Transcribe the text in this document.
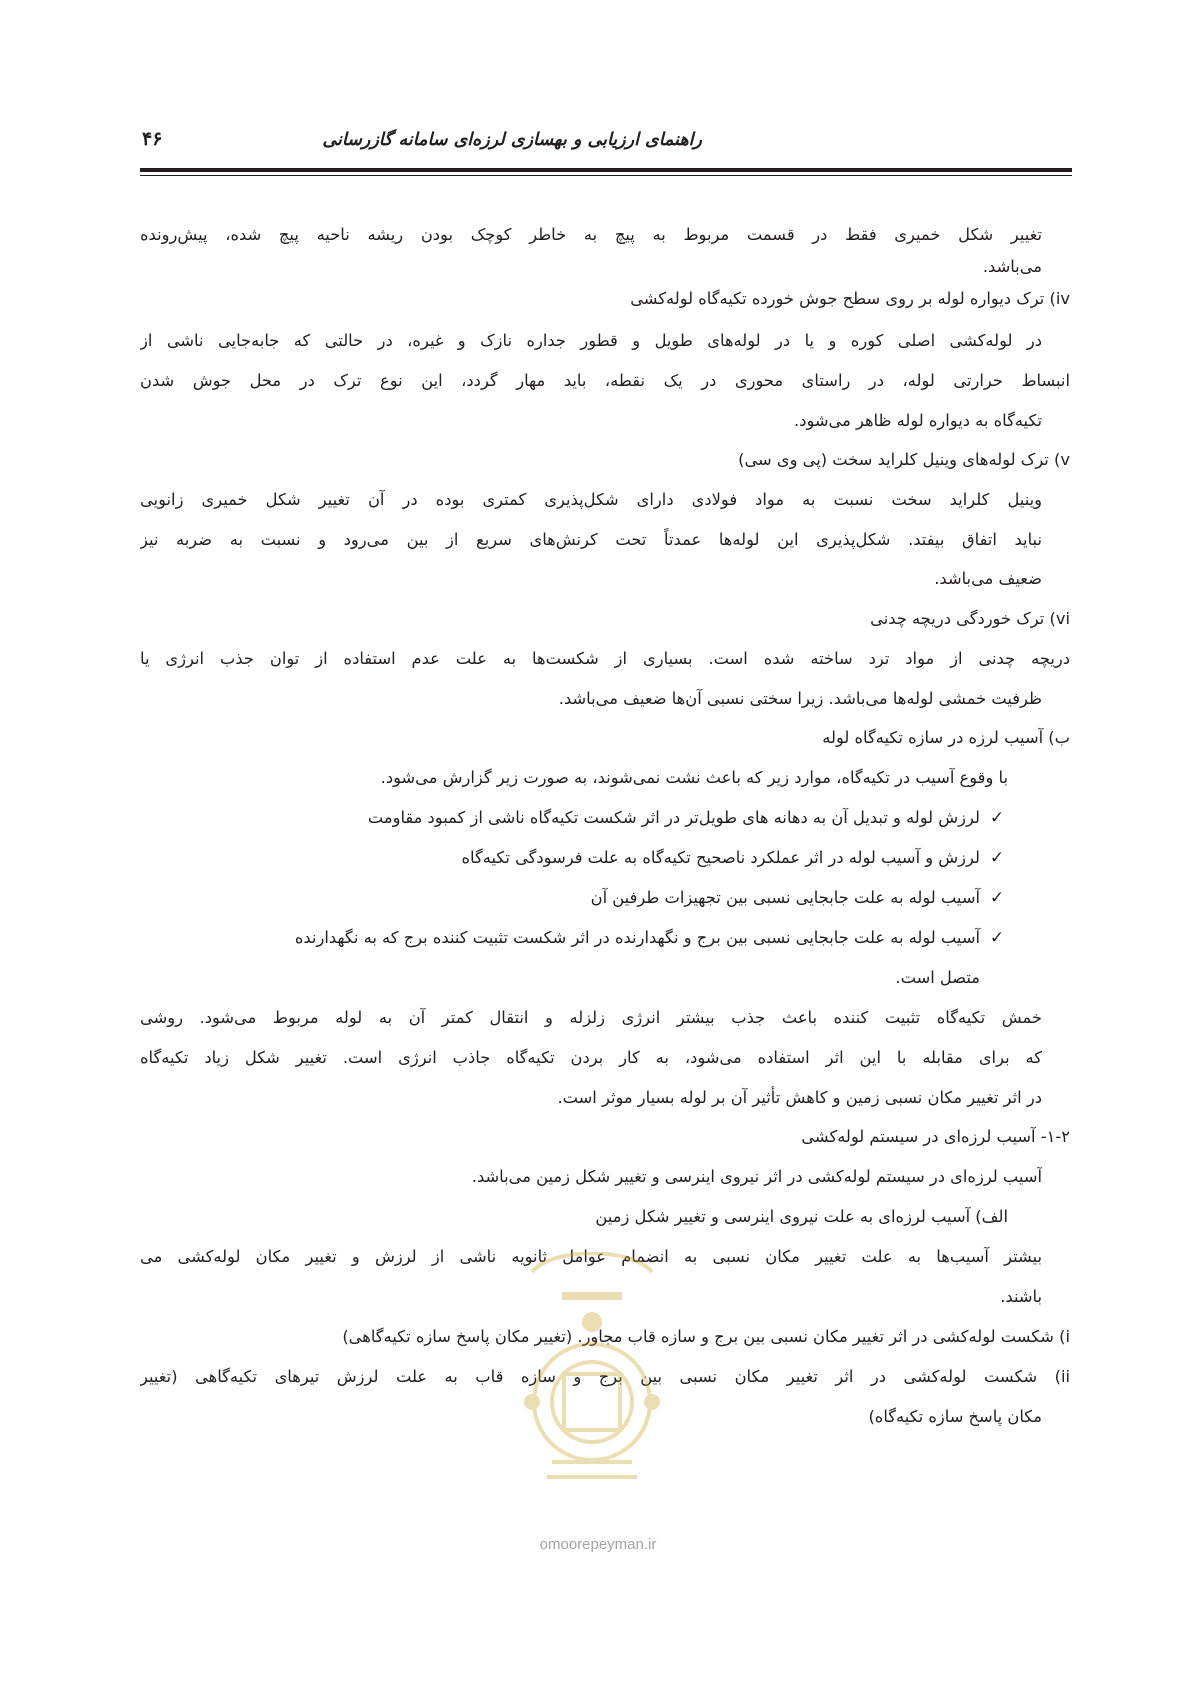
راهنمای ارزیابی و بهسازی لرزه‌ای سامانه گازرسانی
۴۶
تغییر شکل خمیری فقط در قسمت مربوط به پیچ به خاطر کوچک بودن ریشه ناحیه پیچ شده، پیش‌رونده
می‌باشد.
iv) ترک دیواره لوله بر روی سطح جوش خورده تکیه‌گاه لوله‌کشی
در لوله‌کشی اصلی کوره و یا در لوله‌های طویل و قطور جداره نازک و غیره، در حالتی که جابه‌جایی ناشی از
انبساط حرارتی لوله، در راستای محوری در یک نقطه، باید مهار گردد، این نوع ترک در محل جوش شدن
تکیه‌گاه به دیواره لوله ظاهر می‌شود.
v) ترک لوله‌های وینیل کلراید سخت (پی وی سی)
وینیل کلراید سخت نسبت به مواد فولادی دارای شکل‌پذیری کمتری بوده در آن تغییر شکل خمیری زانویی
نباید اتفاق بیفتد. شکل‌پذیری این لوله‌ها عمدتاً تحت کرنش‌های سریع از بین می‌رود و نسبت به ضربه نیز
ضعیف می‌باشد.
vi) ترک خوردگی دریچه چدنی
دریچه چدنی از مواد ترد ساخته شده است. بسیاری از شکست‌ها به علت عدم استفاده از توان جذب انرژی یا
ظرفیت خمشی لوله‌ها می‌باشد. زیرا سختی نسبی آن‌ها ضعیف می‌باشد.
ب) آسیب لرزه در سازه تکیه‌گاه لوله
با وقوع آسیب در تکیه‌گاه، موارد زیر که باعث نشت نمی‌شوند، به صورت زیر گزارش می‌شود.
✓لرزش لوله و تبدیل آن به دهانه های طویل‌تر در اثر شکست تکیه‌گاه ناشی از کمبود مقاومت
✓لرزش و آسیب لوله در اثر عملکرد ناصحیح تکیه‌گاه به علت فرسودگی تکیه‌گاه
✓آسیب لوله به علت جابجایی نسبی بین تجهیزات طرفین آن
✓آسیب لوله به علت جابجایی نسبی بین برج و نگهدارنده در اثر شکست تثبیت کننده برج که به نگهدارنده
متصل است.
خمش تکیه‌گاه تثبیت کننده باعث جذب بیشتر انرژی زلزله و انتقال کمتر آن به لوله مربوط می‌شود. روشی
که برای مقابله با این اثر استفاده می‌شود، به کار بردن تکیه‌گاه جاذب انرژی است. تغییر شکل زیاد تکیه‌گاه
در اثر تغییر مکان نسبی زمین و کاهش تأثیر آن بر لوله بسیار موثر است.
۱-۲- آسیب لرزه‌ای در سیستم لوله‌کشی
آسیب لرزه‌ای در سیستم لوله‌کشی در اثر نیروی اینرسی و تغییر شکل زمین می‌باشد.
الف) آسیب لرزه‌ای به علت نیروی اینرسی و تغییر شکل زمین
بیشتر آسیب‌ها به علت تغییر مکان نسبی به انضمام عوامل ثانویه ناشی از لرزش و تغییر مکان لوله‌کشی می
باشند.
i) شکست لوله‌کشی در اثر تغییر مکان نسبی بین برج و سازه قاب مجاور. (تغییر مکان پاسخ سازه تکیه‌گاهی)
ii) شکست لوله‌کشی در اثر تغییر مکان نسبی بین برج و سازه قاب به علت لرزش تیرهای تکیه‌گاهی (تغییر
مکان پاسخ سازه تکیه‌گاه)
omoorepeyman.ir
